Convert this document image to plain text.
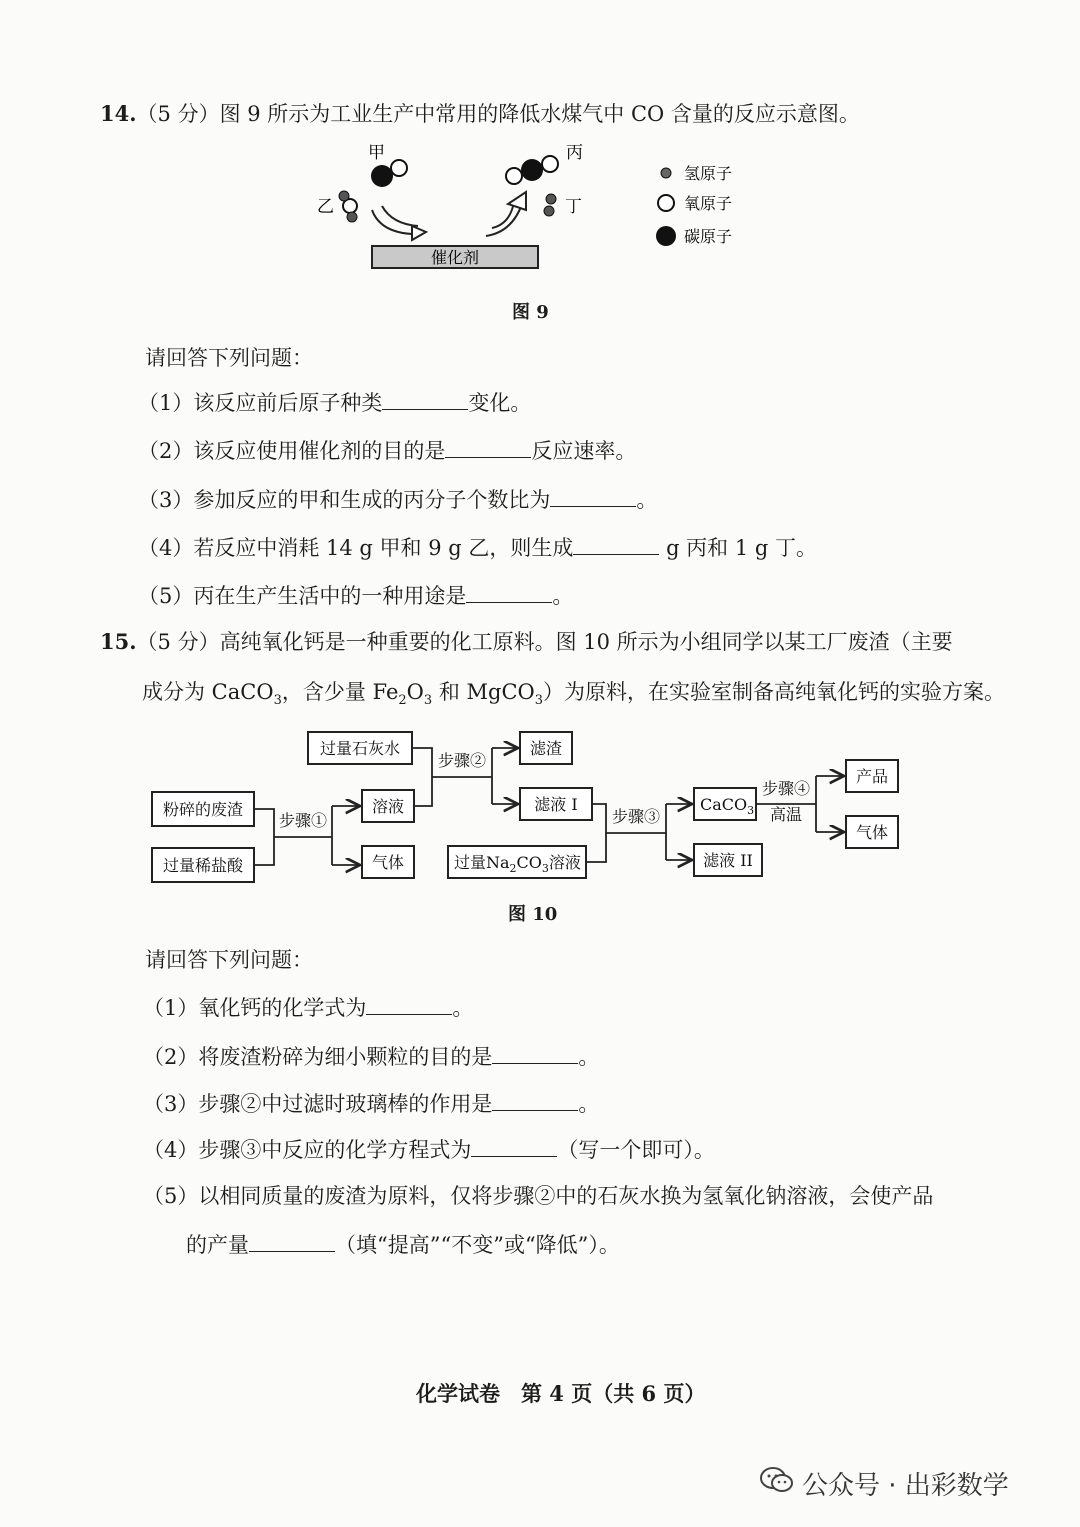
14.（5 分）图 9 所示为工业生产中常用的降低水煤气中 CO 含量的反应示意图。
甲
乙
催化剂
丙
丁
氢原子
氧原子
碳原子
图 9
请回答下列问题：
（1）该反应前后原子种类	变化。
（2）该反应使用催化剂的目的是	反应速率。
（3）参加反应的甲和生成的丙分子个数比为	。
（4）若反应中消耗 14 g 甲和 9 g 乙，则生成	g 丙和 1 g 丁。
（5）丙在生产生活中的一种用途是	。
15.（5 分）高纯氧化钙是一种重要的化工原料。图 10 所示为小组同学以某工厂废渣（主要
成分为 CaCO$_3$，含少量 $Fe_2O_3$ 和 MgCO$_3$）为原料，在实验室制备高纯氧化钙的实验方案。
粉碎的废渣
过量稀盐酸
步骤①
过量石灰水
溶液
气体
步骤②
滤渣
滤液 I
过量$Na_2CO_3$溶液
步骤③
CaCO$_3$
滤液 II
步骤④
高温
产品
气体
图 10
请回答下列问题：
（1）氧化钙的化学式为	。
（2）将废渣粉碎为细小颗粒的目的是	。
（3）步骤②中过滤时玻璃棒的作用是	。
（4）步骤③中反应的化学方程式为	（写一个即可）。
（5）以相同质量的废渣为原料，仅将步骤②中的石灰水换为氢氧化钠溶液，会使产品
的产量	（填“提高”“不变”或“降低”）。
化学试卷　第 4 页（共 6 页）
公众号 · 出彩数学
